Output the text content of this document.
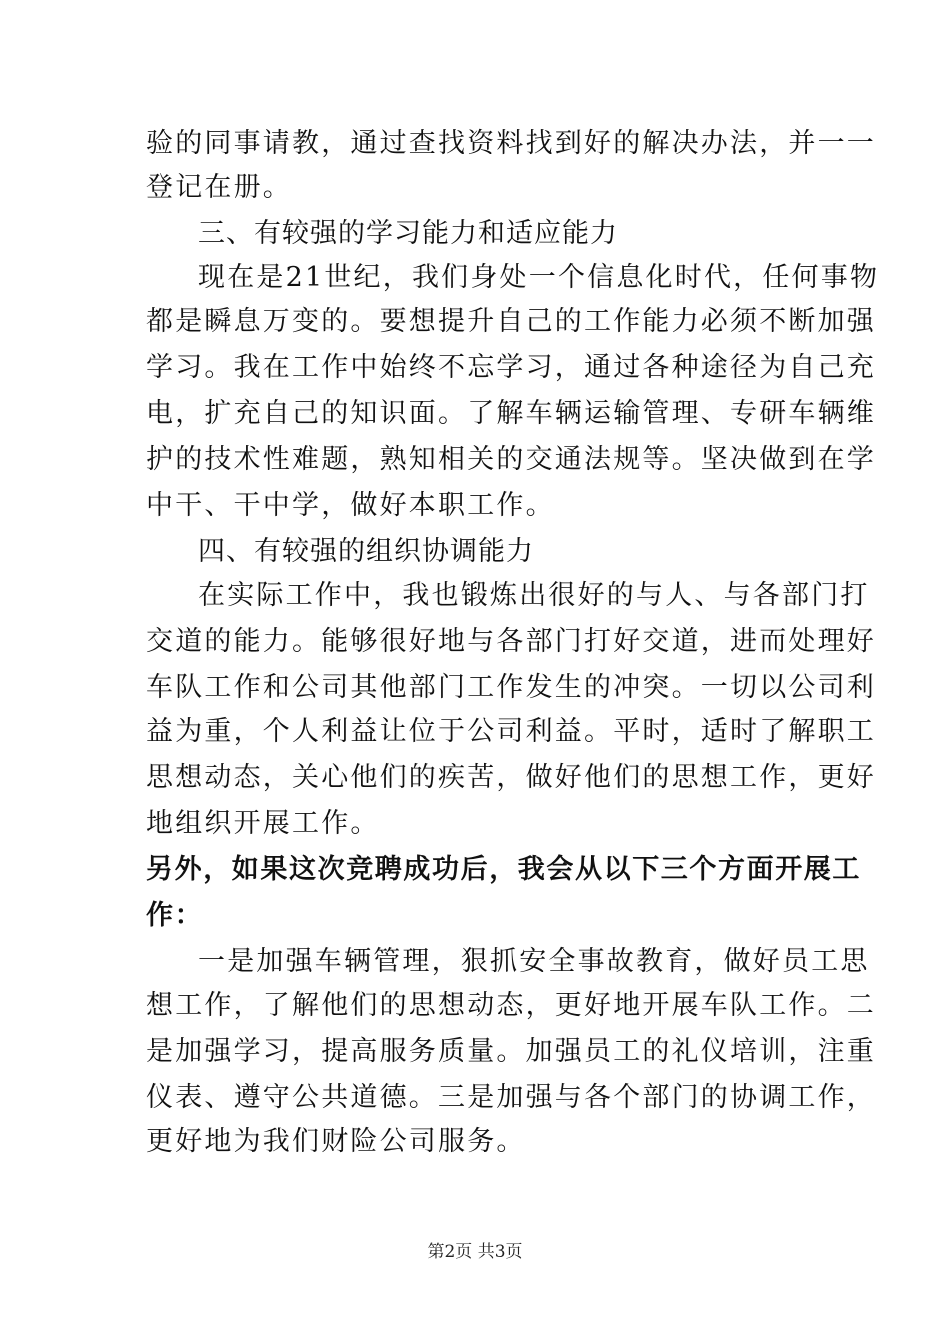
验的同事请教，通过查找资料找到好的解决办法，并一一
登记在册。
三、有较强的学习能力和适应能力
现在是21世纪，我们身处一个信息化时代，任何事物
都是瞬息万变的。要想提升自己的工作能力必须不断加强
学习。我在工作中始终不忘学习，通过各种途径为自己充
电，扩充自己的知识面。了解车辆运输管理、专研车辆维
护的技术性难题，熟知相关的交通法规等。坚决做到在学
中干、干中学，做好本职工作。
四、有较强的组织协调能力
在实际工作中，我也锻炼出很好的与人、与各部门打
交道的能力。能够很好地与各部门打好交道，进而处理好
车队工作和公司其他部门工作发生的冲突。一切以公司利
益为重，个人利益让位于公司利益。平时，适时了解职工
思想动态，关心他们的疾苦，做好他们的思想工作，更好
地组织开展工作。
另外，如果这次竞聘成功后，我会从以下三个方面开展工
作：
一是加强车辆管理，狠抓安全事故教育，做好员工思
想工作，了解他们的思想动态，更好地开展车队工作。二
是加强学习，提高服务质量。加强员工的礼仪培训，注重
仪表、遵守公共道德。三是加强与各个部门的协调工作，
更好地为我们财险公司服务。
第2页 共3页
